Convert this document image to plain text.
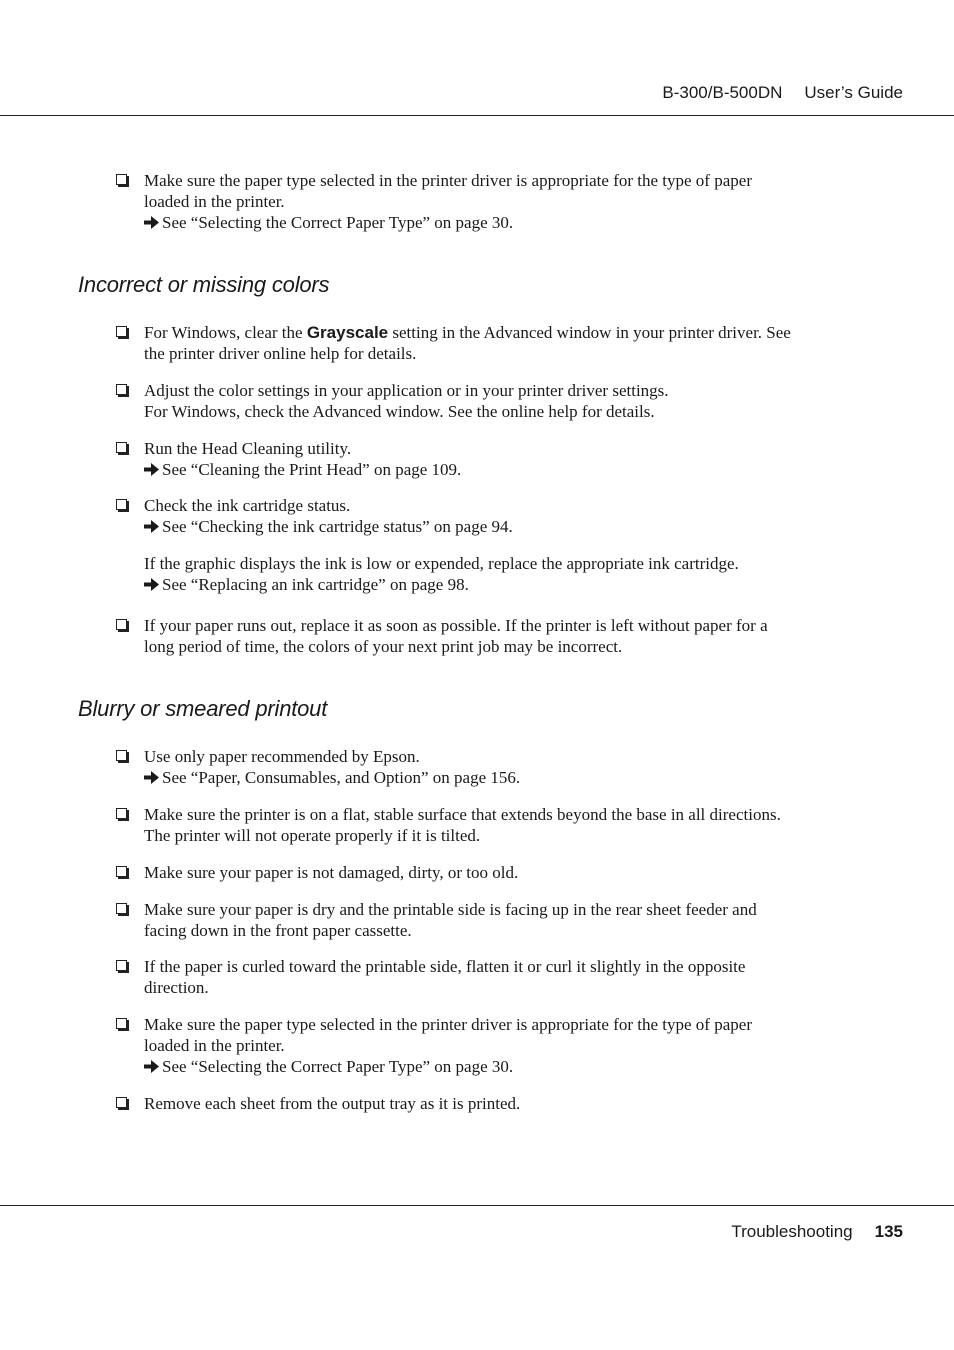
B-300/B-500DN User’s Guide
Make sure the paper type selected in the printer driver is appropriate for the type of paper
loaded in the printer.
See “Selecting the Correct Paper Type” on page 30.
Incorrect or missing colors
For Windows, clear the Grayscale setting in the Advanced window in your printer driver. See
the printer driver online help for details.
Adjust the color settings in your application or in your printer driver settings.
For Windows, check the Advanced window. See the online help for details.
Run the Head Cleaning utility.
See “Cleaning the Print Head” on page 109.
Check the ink cartridge status.
See “Checking the ink cartridge status” on page 94.
If the graphic displays the ink is low or expended, replace the appropriate ink cartridge.
See “Replacing an ink cartridge” on page 98.
If your paper runs out, replace it as soon as possible. If the printer is left without paper for a
long period of time, the colors of your next print job may be incorrect.
Blurry or smeared printout
Use only paper recommended by Epson.
See “Paper, Consumables, and Option” on page 156.
Make sure the printer is on a flat, stable surface that extends beyond the base in all directions.
The printer will not operate properly if it is tilted.
Make sure your paper is not damaged, dirty, or too old.
Make sure your paper is dry and the printable side is facing up in the rear sheet feeder and
facing down in the front paper cassette.
If the paper is curled toward the printable side, flatten it or curl it slightly in the opposite
direction.
Make sure the paper type selected in the printer driver is appropriate for the type of paper
loaded in the printer.
See “Selecting the Correct Paper Type” on page 30.
Remove each sheet from the output tray as it is printed.
Troubleshooting 135
